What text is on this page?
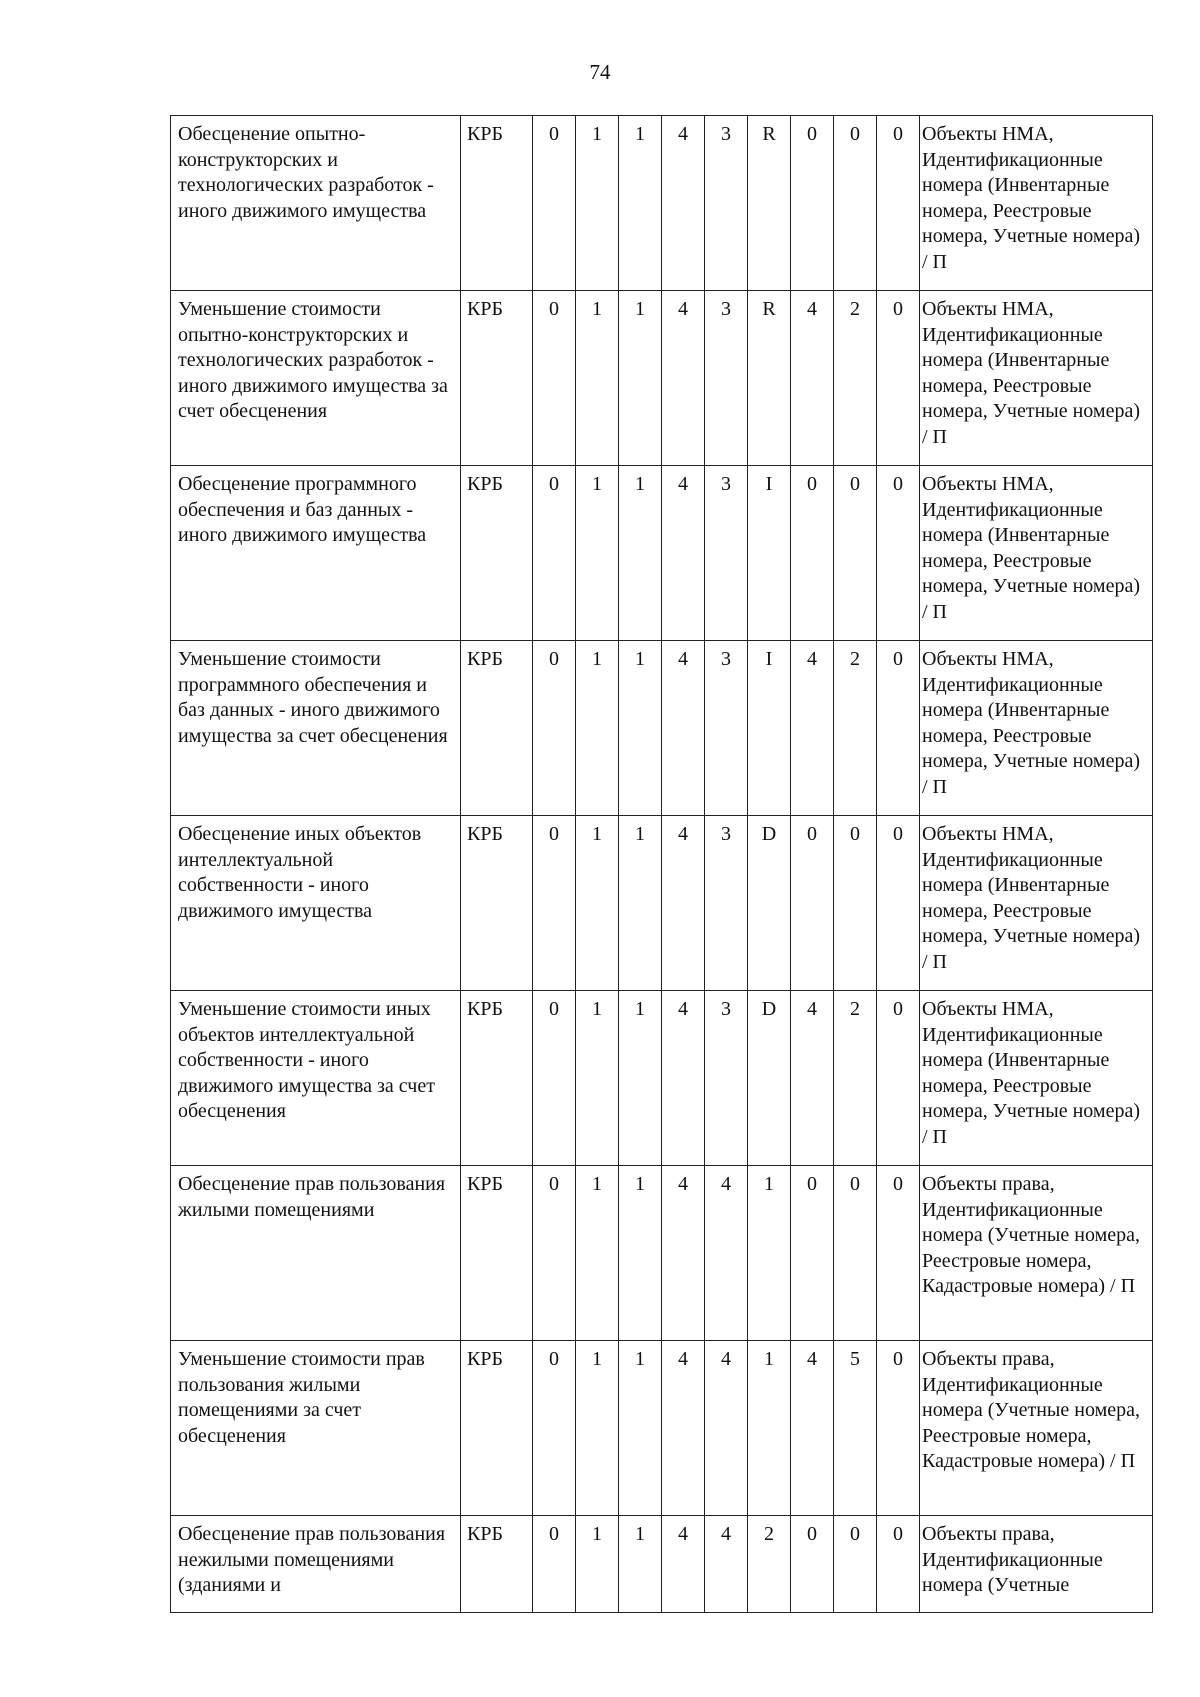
74
Обесценение опытно-конструкторских и технологических разработок - иного движимого имущества	КРБ	0	1	1	4	3	R	0	0	0	Объекты НМА, Идентификационные номера (Инвентарные номера, Реестровые номера, Учетные номера) / П
Уменьшение стоимости опытно-конструкторских и технологических разработок - иного движимого имущества за счет обесценения	КРБ	0	1	1	4	3	R	4	2	0	Объекты НМА, Идентификационные номера (Инвентарные номера, Реестровые номера, Учетные номера) / П
Обесценение программного обеспечения и баз данных - иного движимого имущества	КРБ	0	1	1	4	3	I	0	0	0	Объекты НМА, Идентификационные номера (Инвентарные номера, Реестровые номера, Учетные номера) / П
Уменьшение стоимости программного обеспечения и баз данных - иного движимого имущества за счет обесценения	КРБ	0	1	1	4	3	I	4	2	0	Объекты НМА, Идентификационные номера (Инвентарные номера, Реестровые номера, Учетные номера) / П
Обесценение иных объектов интеллектуальной собственности - иного движимого имущества	КРБ	0	1	1	4	3	D	0	0	0	Объекты НМА, Идентификационные номера (Инвентарные номера, Реестровые номера, Учетные номера) / П
Уменьшение стоимости иных объектов интеллектуальной собственности - иного движимого имущества за счет обесценения	КРБ	0	1	1	4	3	D	4	2	0	Объекты НМА, Идентификационные номера (Инвентарные номера, Реестровые номера, Учетные номера) / П
Обесценение прав пользования жилыми помещениями	КРБ	0	1	1	4	4	1	0	0	0	Объекты права, Идентификационные номера (Учетные номера, Реестровые номера, Кадастровые номера) / П
Уменьшение стоимости прав пользования жилыми помещениями за счет обесценения	КРБ	0	1	1	4	4	1	4	5	0	Объекты права, Идентификационные номера (Учетные номера, Реестровые номера, Кадастровые номера) / П
Обесценение прав пользования нежилыми помещениями (зданиями и	КРБ	0	1	1	4	4	2	0	0	0	Объекты права, Идентификационные номера (Учетные
